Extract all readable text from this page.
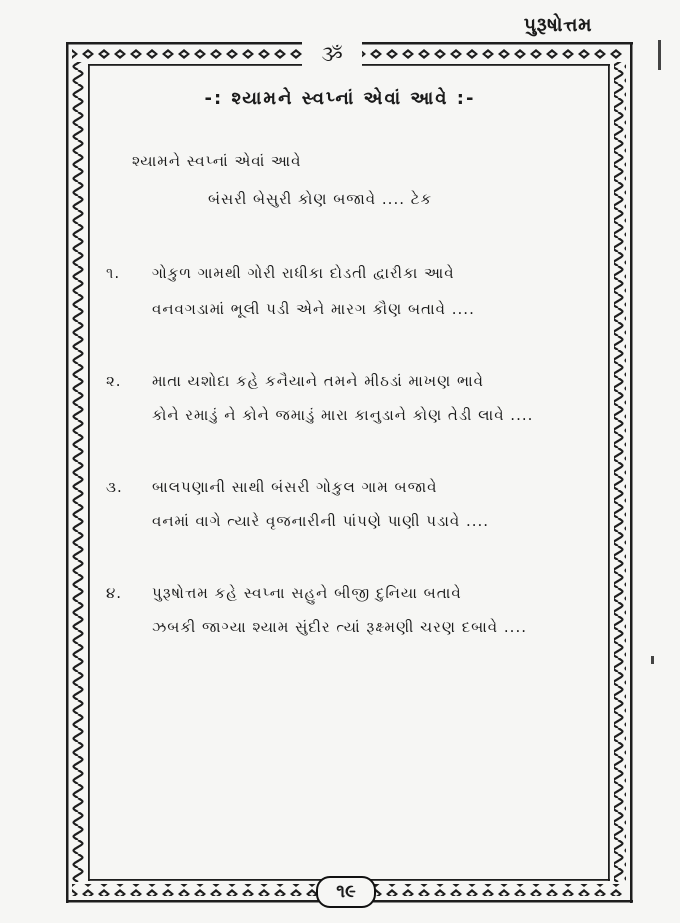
પુરૂષોત્તમ
ૐ
-: શ્યામને સ્વપ્નાં એવાં આવે :-
શ્યામને સ્વપ્નાં એવાં આવે
બંસરી બેસુરી કોણ બજાવે .... ટેક
૧. ગોકુળ ગામથી ગોરી રાધીકા દોડતી દ્વારીકા આવે
વનવગડામાં ભૂલી પડી એને મારગ કૌણ બતાવે ....
૨. માતા યશોદા કહે કનૈયાને તમને મીઠડાં માખણ ભાવે
કોને રમાડું ને કોને જમાડું મારા કાનુડાને કોણ તેડી લાવે ....
૩. બાલપણાની સાથી બંસરી ગોકુલ ગામ બજાવે
વનમાં વાગે ત્યારે વૃજનારીની પાંપણે પાણી પડાવે ....
૪. પુરૂષોત્તમ કહે સ્વપ્ના સહુને બીજી દુનિયા બતાવે
ઝબકી જાગ્યા શ્યામ સુંદીર ત્યાં રૂક્ષ્મણી ચરણ દબાવે ....
૧૯
